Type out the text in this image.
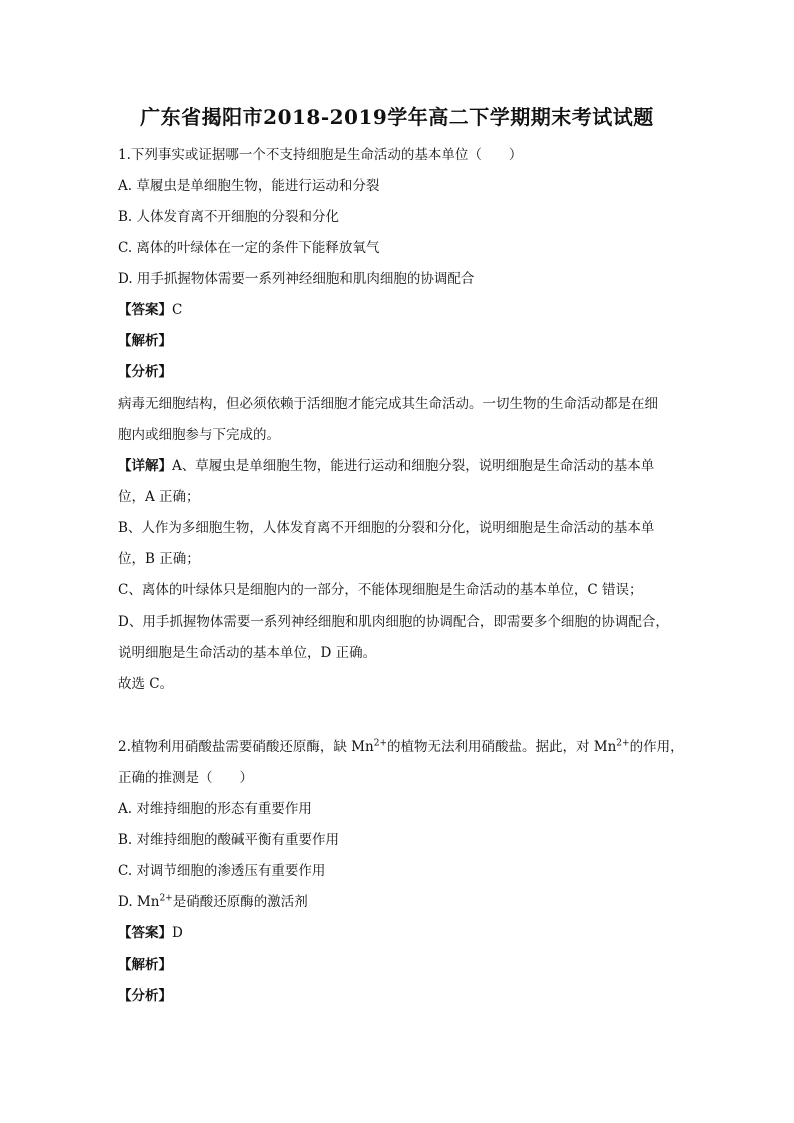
广东省揭阳市2018-2019学年高二下学期期末考试试题
1.下列事实或证据哪一个不支持细胞是生命活动的基本单位（　　）
A. 草履虫是单细胞生物，能进行运动和分裂
B. 人体发育离不开细胞的分裂和分化
C. 离体的叶绿体在一定的条件下能释放氧气
D. 用手抓握物体需要一系列神经细胞和肌肉细胞的协调配合
【答案】C
【解析】
【分析】
病毒无细胞结构，但必须依赖于活细胞才能完成其生命活动。一切生物的生命活动都是在细
胞内或细胞参与下完成的。
【详解】A、草履虫是单细胞生物，能进行运动和细胞分裂，说明细胞是生命活动的基本单
位，A 正确；
B、人作为多细胞生物，人体发育离不开细胞的分裂和分化，说明细胞是生命活动的基本单
位，B 正确；
C、离体的叶绿体只是细胞内的一部分，不能体现细胞是生命活动的基本单位，C 错误；
D、用手抓握物体需要一系列神经细胞和肌肉细胞的协调配合，即需要多个细胞的协调配合，
说明细胞是生命活动的基本单位，D 正确。
故选 C。
2.植物利用硝酸盐需要硝酸还原酶，缺 $Mn^{2+}$的植物无法利用硝酸盐。据此，对 $Mn^{2+}$的作用，
正确的推测是（　　）
A. 对维持细胞的形态有重要作用
B. 对维持细胞的酸碱平衡有重要作用
C. 对调节细胞的渗透压有重要作用
D. $Mn^{2+}$是硝酸还原酶的激活剂
【答案】D
【解析】
【分析】
